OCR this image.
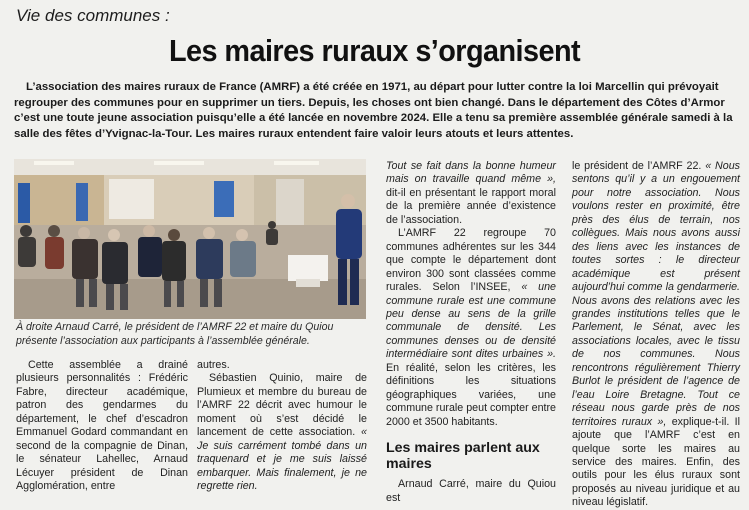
Vie des communes :
Les maires ruraux s’organisent
L’association des maires ruraux de France (AMRF) a été créée en 1971, au départ pour lutter contre la loi Marcellin qui prévoyait regrouper des communes pour en supprimer un tiers. Depuis, les choses ont bien changé. Dans le département des Côtes d’Armor c’est une toute jeune association puisqu’elle a été lancée en novembre 2024. Elle a tenu sa première assemblée générale samedi à la salle des fêtes d’Yvignac-la-Tour. Les maires ruraux entendent faire valoir leurs atouts et leurs attentes.
À droite Arnaud Carré, le président de l’AMRF 22 et maire du Quiou présente l’association aux participants à l’assemblée générale.

Cette assemblée a drainé plusieurs personnalités : Frédéric Fabre, directeur académique, patron des gendarmes du département, le chef d’escadron Emmanuel Godard commandant en second de la compagnie de Dinan, le sénateur Lahellec, Arnaud Lécuyer président de Dinan Agglomération, entre

autres.

Sébastien Quinio, maire de Plumieux et membre du bureau de l’AMRF 22 décrit avec humour le moment où s’est décidé le lancement de cette association. « Je suis carrément tombé dans un traquenard et je me suis laissé embarquer. Mais finalement, je ne regrette rien.

Tout se fait dans la bonne humeur mais on travaille quand même », dit-il en présentant le rapport moral de la première année d’existence de l’association.

L’AMRF 22 regroupe 70 communes adhérentes sur les 344 que compte le département dont environ 300 sont classées comme rurales. Selon l’INSEE, « une commune rurale est une commune peu dense au sens de la grille communale de densité. Les communes denses ou de densité intermédiaire sont dites urbaines ». En réalité, selon les critères, les définitions les situations géographiques variées, une commune rurale peut compter entre 2000 et 3500 habitants.

Les maires parlent aux maires

Arnaud Carré, maire du Quiou est

le président de l’AMRF 22. « Nous sentons qu’il y a un engouement pour notre association. Nous voulons rester en proximité, être près des élus de terrain, nos collègues. Mais nous avons aussi des liens avec les instances de toutes sortes : le directeur académique est présent aujourd’hui comme la gendarmerie. Nous avons des relations avec les grandes institutions telles que le Parlement, le Sénat, avec les associations locales, avec le tissu de nos communes. Nous rencontrons régulièrement Thierry Burlot le président de l’agence de l’eau Loire Bretagne. Tout ce réseau nous garde près de nos territoires ruraux », explique-t-il. Il ajoute que l’AMRF c’est en quelque sorte les maires au service des maires. Enfin, des outils pour les élus ruraux sont proposés au niveau juridique et au niveau législatif.
